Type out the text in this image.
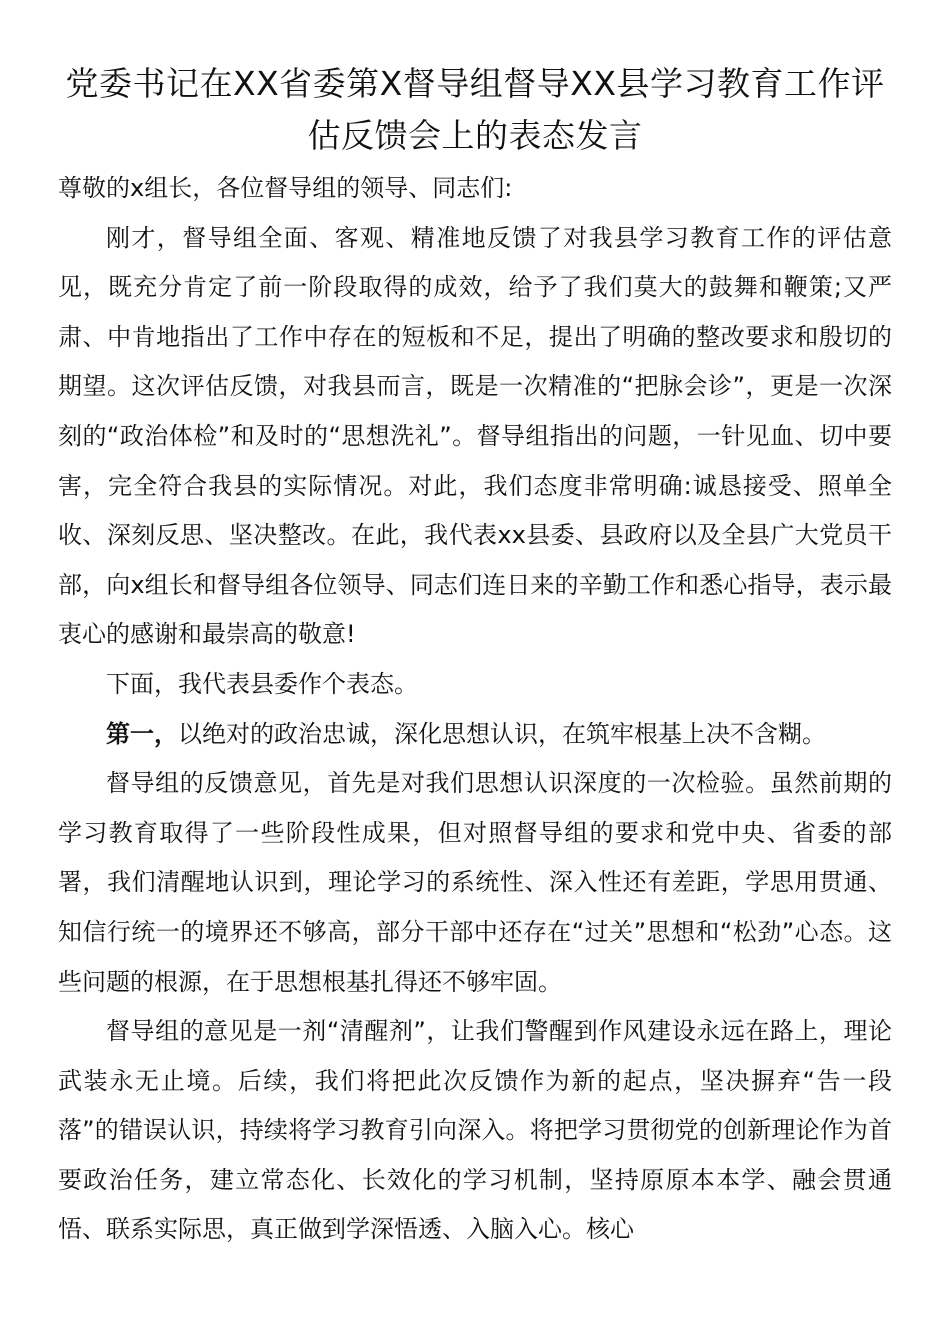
党委书记在XX省委第X督导组督导XX县学习教育工作评估反馈会上的表态发言

尊敬的x组长，各位督导组的领导、同志们:

刚才，督导组全面、客观、精准地反馈了对我县学习教育工作的评估意见，既充分肯定了前一阶段取得的成效，给予了我们莫大的鼓舞和鞭策;又严肃、中肯地指出了工作中存在的短板和不足，提出了明确的整改要求和殷切的期望。这次评估反馈，对我县而言，既是一次精准的“把脉会诊”，更是一次深刻的“政治体检”和及时的“思想洗礼”。督导组指出的问题，一针见血、切中要害，完全符合我县的实际情况。对此，我们态度非常明确:诚恳接受、照单全收、深刻反思、坚决整改。在此，我代表xx县委、县政府以及全县广大党员干部，向x组长和督导组各位领导、同志们连日来的辛勤工作和悉心指导，表示最衷心的感谢和最崇高的敬意!

下面，我代表县委作个表态。

第一，以绝对的政治忠诚，深化思想认识，在筑牢根基上决不含糊。

督导组的反馈意见，首先是对我们思想认识深度的一次检验。虽然前期的学习教育取得了一些阶段性成果，但对照督导组的要求和党中央、省委的部署，我们清醒地认识到，理论学习的系统性、深入性还有差距，学思用贯通、知信行统一的境界还不够高，部分干部中还存在“过关”思想和“松劲”心态。这些问题的根源，在于思想根基扎得还不够牢固。

督导组的意见是一剂“清醒剂”，让我们警醒到作风建设永远在路上，理论武装永无止境。后续，我们将把此次反馈作为新的起点，坚决摒弃“告一段落”的错误认识，持续将学习教育引向深入。将把学习贯彻党的创新理论作为首要政治任务，建立常态化、长效化的学习机制，坚持原原本本学、融会贯通悟、联系实际思，真正做到学深悟透、入脑入心。核心
